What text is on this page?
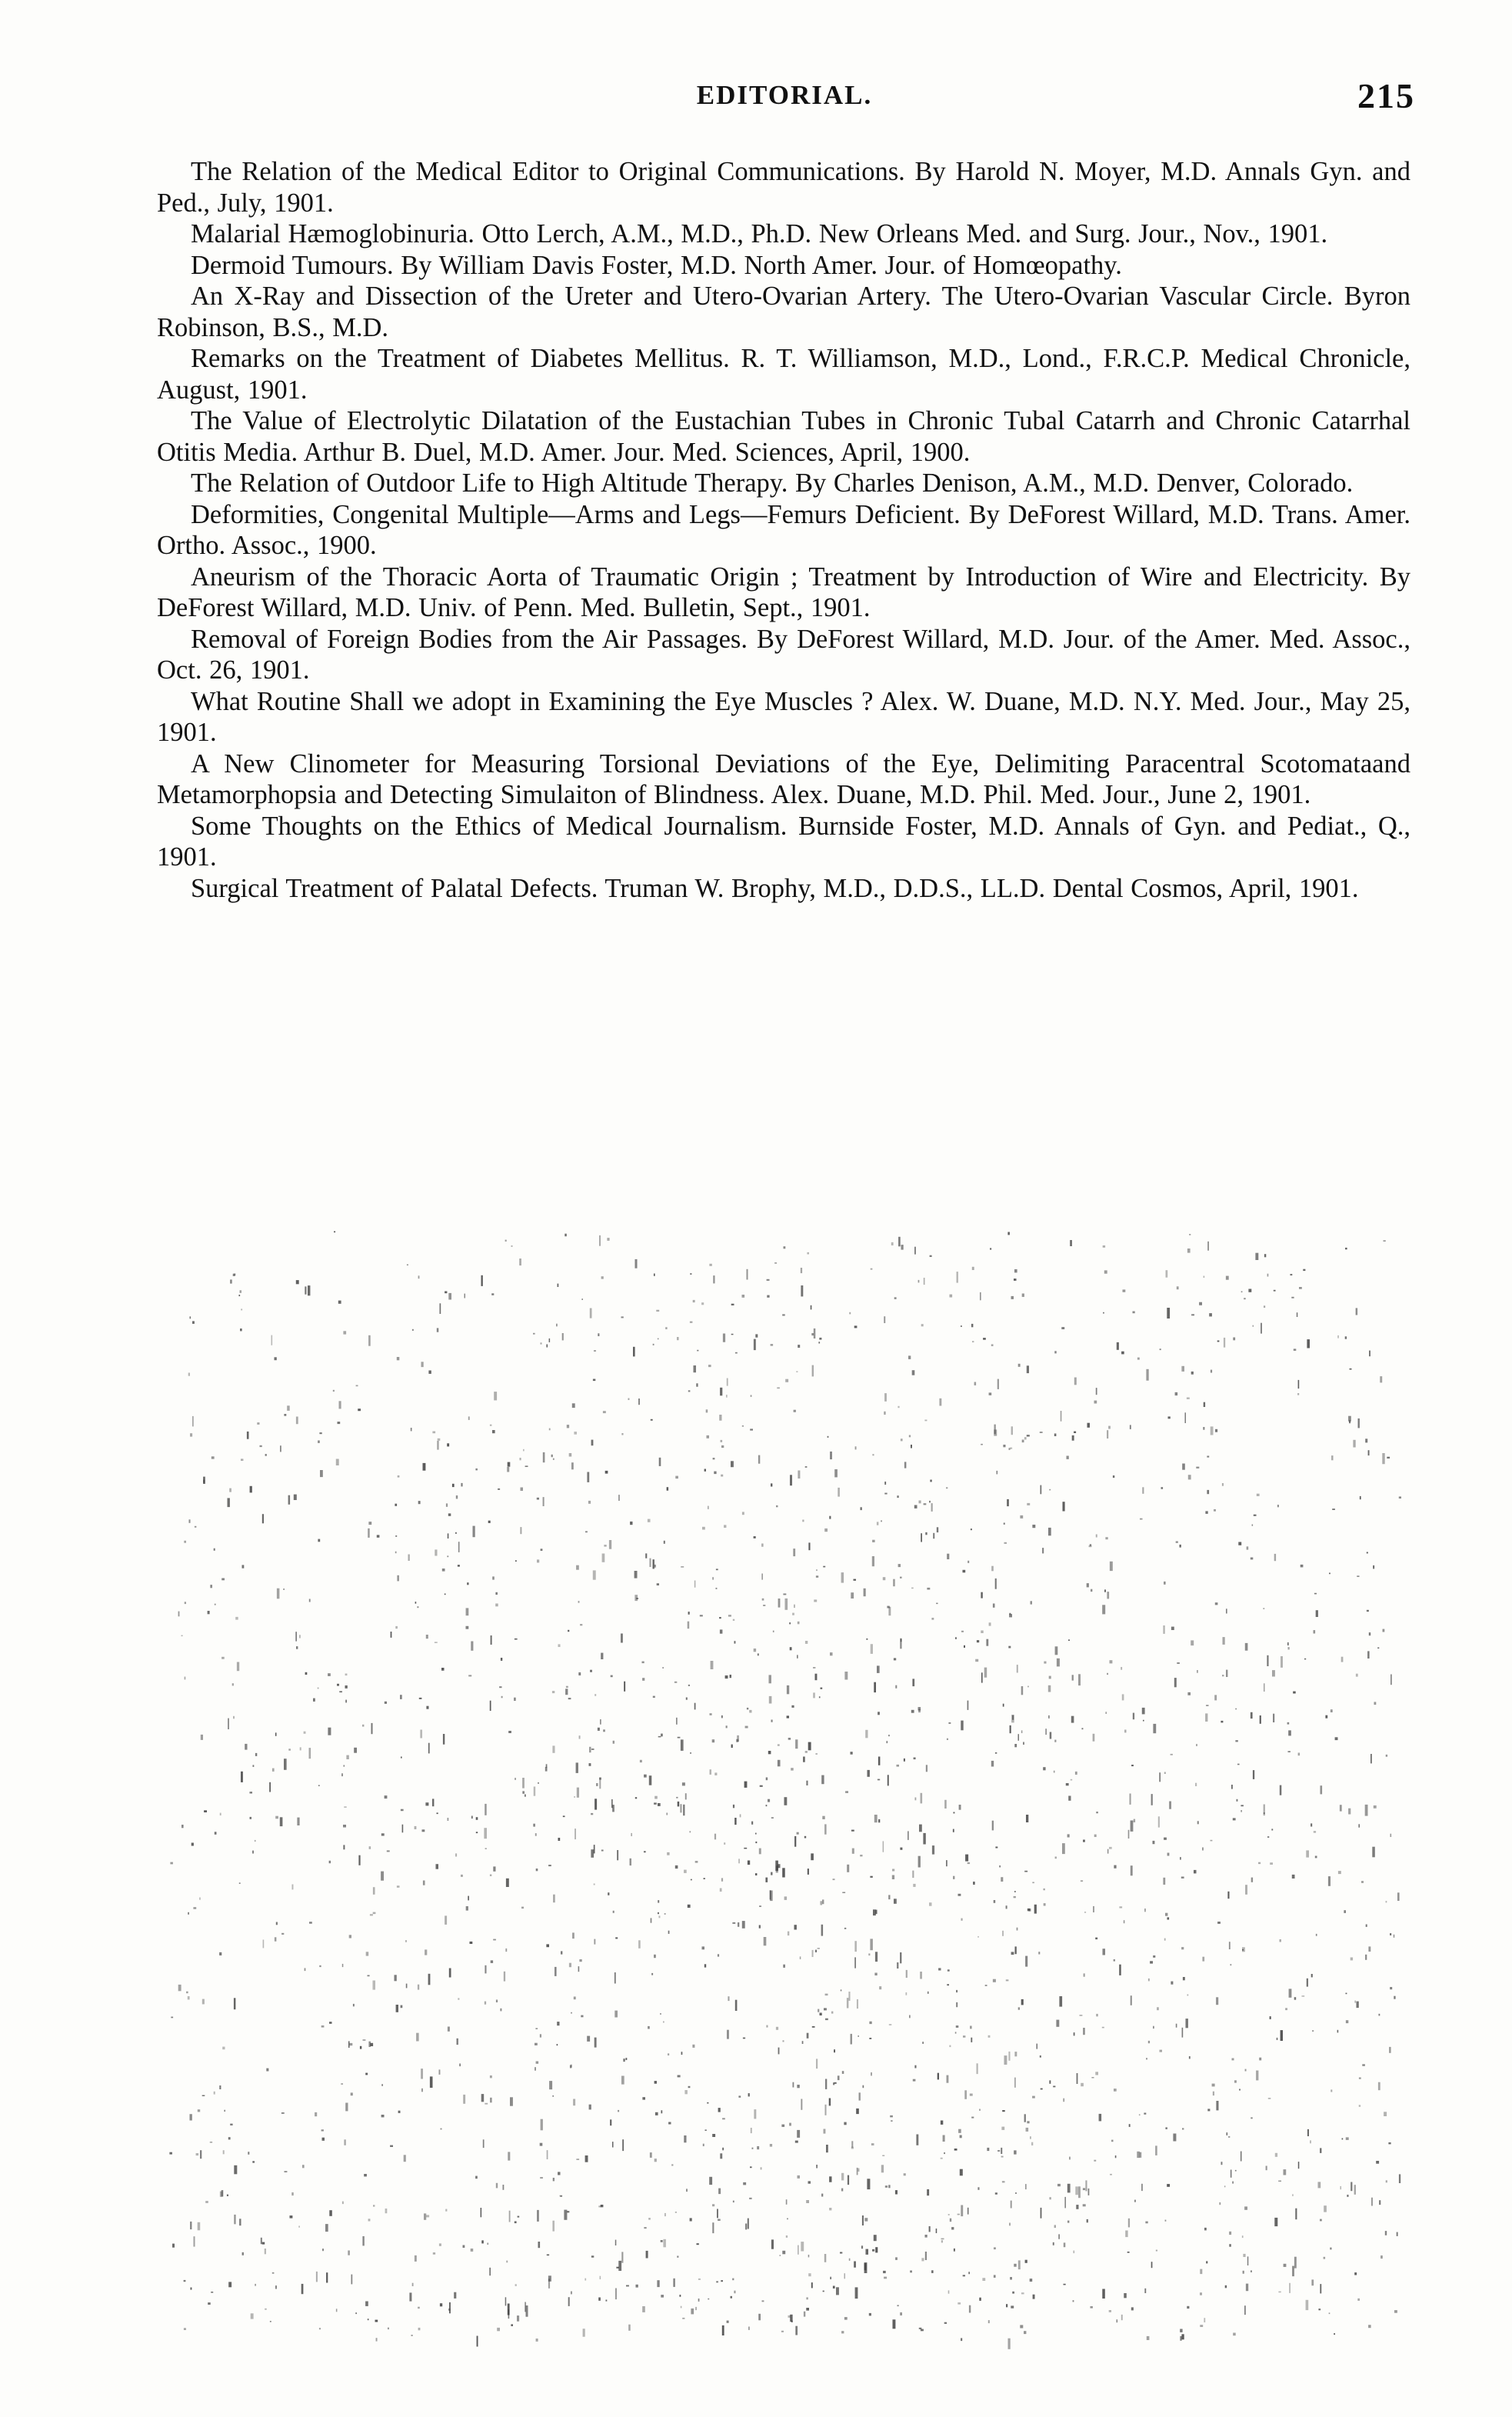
EDITORIAL.	215

The Relation of the Medical Editor to Original Communications. By Harold N. Moyer, M.D. Annals Gyn. and Ped., July, 1901.

Malarial Hæmoglobinuria. Otto Lerch, A.M., M.D., Ph.D. New Orleans Med. and Surg. Jour., Nov., 1901.

Dermoid Tumours. By William Davis Foster, M.D. North Amer. Jour. of Homœopathy.

An X-Ray and Dissection of the Ureter and Utero-Ovarian Artery. The Utero-Ovarian Vascular Circle. Byron Robinson, B.S., M.D.

Remarks on the Treatment of Diabetes Mellitus. R. T. Williamson, M.D., Lond., F.R.C.P. Medical Chronicle, August, 1901.

The Value of Electrolytic Dilatation of the Eustachian Tubes in Chronic Tubal Catarrh and Chronic Catarrhal Otitis Media. Arthur B. Duel, M.D. Amer. Jour. Med. Sciences, April, 1900.

The Relation of Outdoor Life to High Altitude Therapy. By Charles Denison, A.M., M.D. Denver, Colorado.

Deformities, Congenital Multiple—Arms and Legs—Femurs Deficient. By DeForest Willard, M.D. Trans. Amer. Ortho. Assoc., 1900.

Aneurism of the Thoracic Aorta of Traumatic Origin ; Treatment by Introduction of Wire and Electricity. By DeForest Willard, M.D. Univ. of Penn. Med. Bulletin, Sept., 1901.

Removal of Foreign Bodies from the Air Passages. By DeForest Willard, M.D. Jour. of the Amer. Med. Assoc., Oct. 26, 1901.

What Routine Shall we adopt in Examining the Eye Muscles ? Alex. W. Duane, M.D. N.Y. Med. Jour., May 25, 1901.

A New Clinometer for Measuring Torsional Deviations of the Eye, Delimiting Paracentral Scotomataand Metamorphopsia and Detecting Simulaiton of Blindness. Alex. Duane, M.D. Phil. Med. Jour., June 2, 1901.

Some Thoughts on the Ethics of Medical Journalism. Burnside Foster, M.D. Annals of Gyn. and Pediat., Q., 1901.

Surgical Treatment of Palatal Defects. Truman W. Brophy, M.D., D.D.S., LL.D. Dental Cosmos, April, 1901.
